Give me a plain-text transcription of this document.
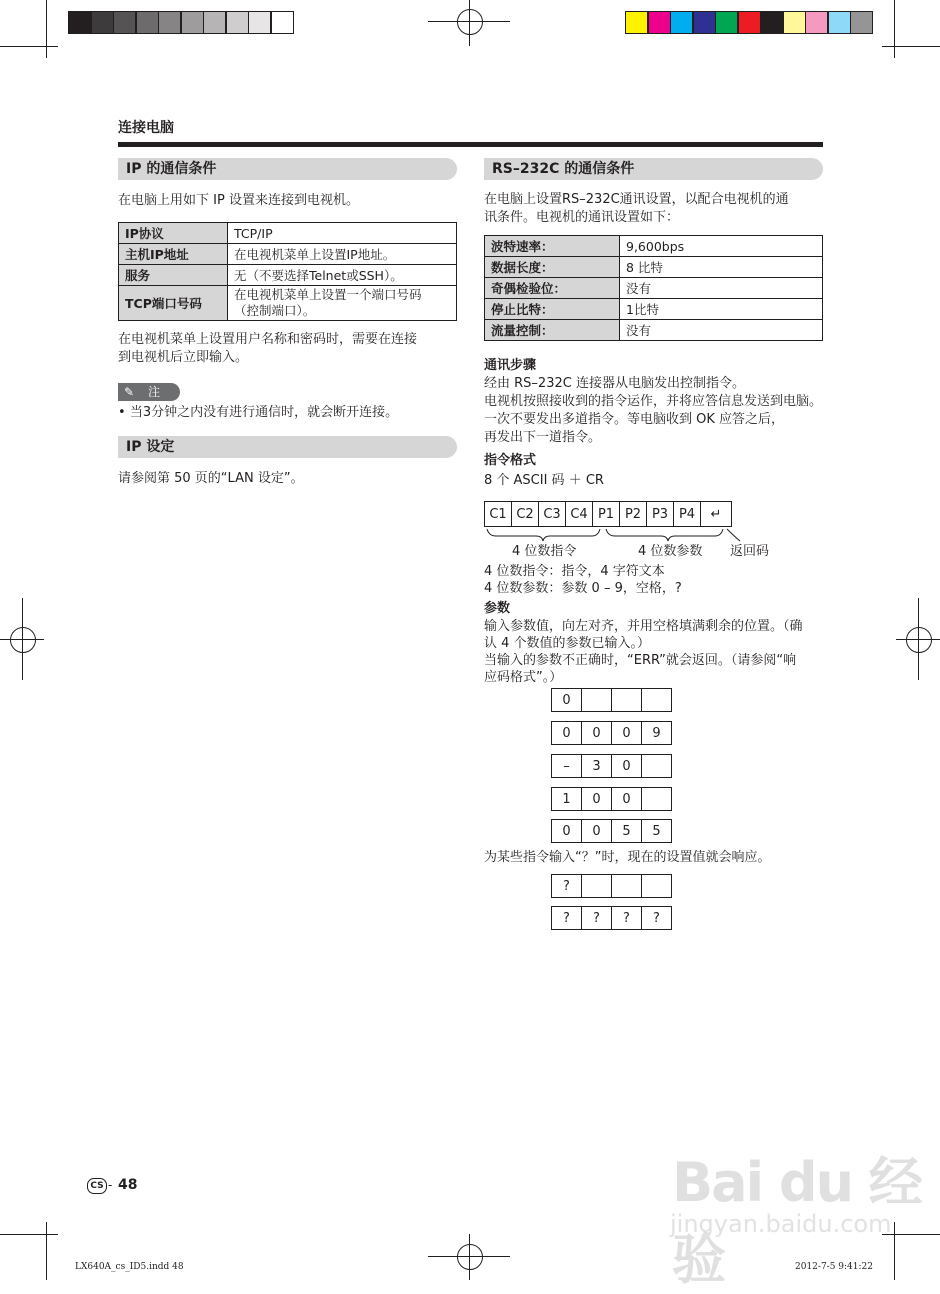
连接电脑
IP 的通信条件
在电脑上用如下 IP 设置来连接到电视机。
IP协议	TCP/IP
主机IP地址	在电视机菜单上设置IP地址。
服务	无（不要选择Telnet或SSH）。
TCP端口号码	在电视机菜单上设置一个端口号码
（控制端口）。
在电视机菜单上设置用户名称和密码时，需要在连接
到电视机后立即输入。
✎ 注
• 当3分钟之内没有进行通信时，就会断开连接。
IP 设定
请参阅第 50 页的“LAN 设定”。
RS–232C 的通信条件
在电脑上设置RS–232C通讯设置，以配合电视机的通
讯条件。电视机的通讯设置如下：
波特速率：	9,600bps
数据长度：	8 比特
奇偶检验位：	没有
停止比特：	1比特
流量控制：	没有
通讯步骤
经由 RS–232C 连接器从电脑发出控制指令。
电视机按照接收到的指令运作，并将应答信息发送到电脑。
一次不要发出多道指令。等电脑收到 OK 应答之后，
再发出下一道指令。
指令格式
8 个 ASCII 码 ＋ CR
C1 C2 C3 C4 P1 P2 P3 P4	↵
4 位数指令	4 位数参数 返回码
4 位数指令：指令，4 字符文本
4 位数参数：参数 0 – 9，空格，?
参数
输入参数值，向左对齐，并用空格填满剩余的位置。（确
认 4 个数值的参数已输入。）
当输入的参数不正确时，“ERR”就会返回。（请参阅“响
应码格式”。）
0
0	0	0	9
–	3	0
1	0	0
0	0	5	5
为某些指令输入“？”时，现在的设置值就会响应。
?
?	?	?	?
Bai du 经验
jingyan.baidu.com
CS - 48
LX640A_cs_ID5.indd 48	2012-7-5 9:41:22
